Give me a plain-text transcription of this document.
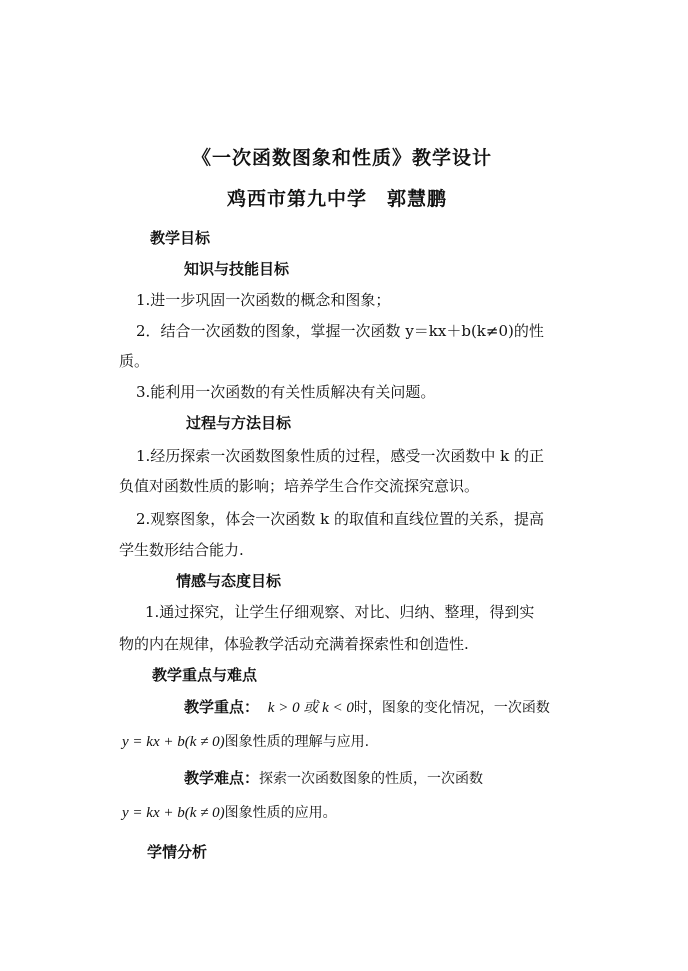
《一次函数图象和性质》教学设计
鸡西市第九中学　郭慧鹏
教学目标
知识与技能目标
1.进一步巩固一次函数的概念和图象；
2．结合一次函数的图象，掌握一次函数 y＝kx＋b(k≠0)的性
质。
3.能利用一次函数的有关性质解决有关问题。
过程与方法目标
1.经历探索一次函数图象性质的过程，感受一次函数中 k 的正
负值对函数性质的影响；培养学生合作交流探究意识。
2.观察图象，体会一次函数 k 的取值和直线位置的关系，提高
学生数形结合能力.
情感与态度目标
1.通过探究，让学生仔细观察、对比、归纳、整理，得到实
物的内在规律，体验教学活动充满着探索性和创造性.
教学重点与难点
教学重点： k > 0 或 k < 0时，图象的变化情况，一次函数
y = kx + b(k ≠ 0)图象性质的理解与应用.
教学难点：探索一次函数图象的性质，一次函数
y = kx + b(k ≠ 0)图象性质的应用。
学情分析
